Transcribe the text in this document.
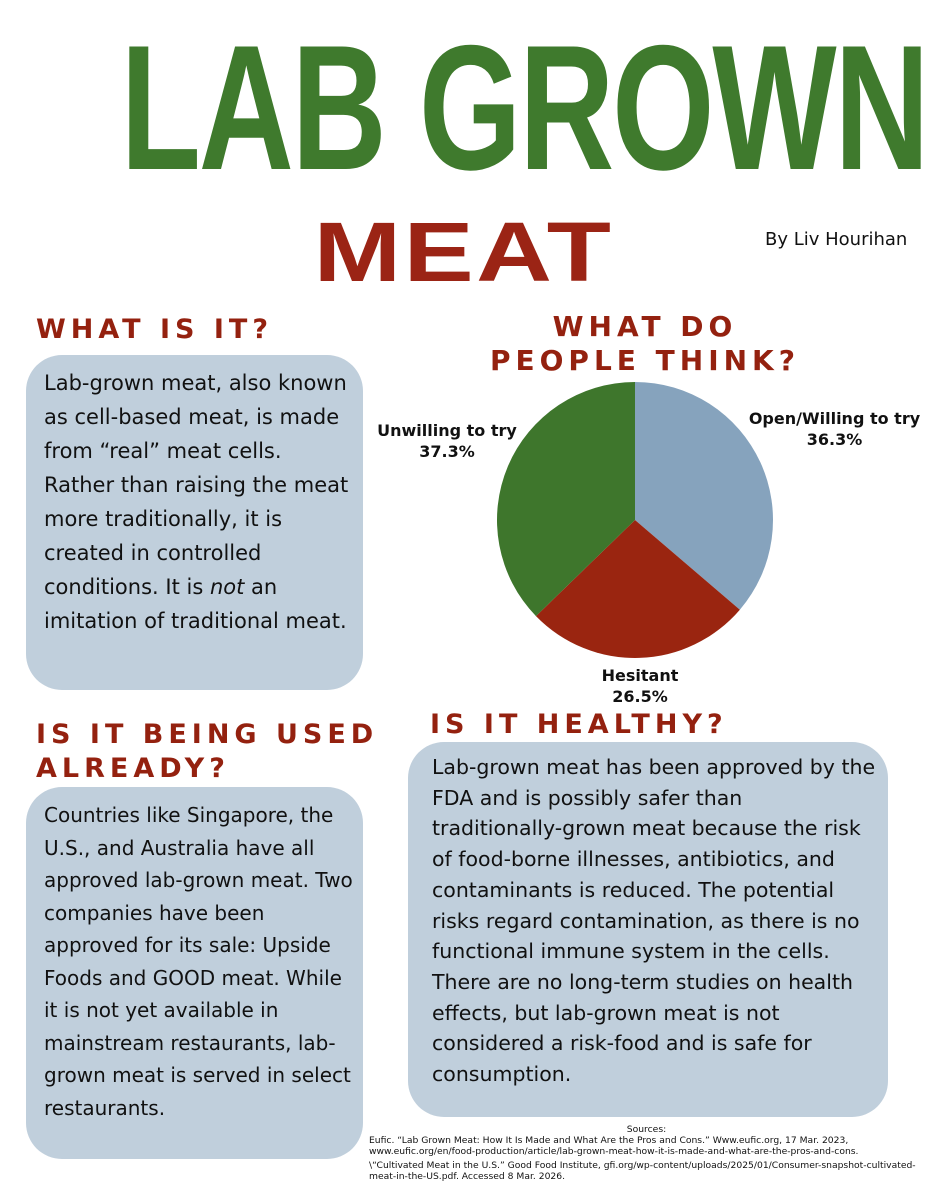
LAB GROWN
MEAT	By Liv Hourihan
WHAT IS IT?

Lab-grown meat, also known as cell-based meat, is made from “real” meat cells. Rather than raising the meat more traditionally, it is created in controlled conditions. It is not an imitation of traditional meat.

WHAT DO
PEOPLE THINK?
Unwilling to try
37.3%
Open/Willing to try
36.3%
Hesitant
26.5%
IS IT BEING USED
ALREADY?

Countries like Singapore, the U.S., and Australia have all approved lab-grown meat. Two companies have been approved for its sale: Upside Foods and GOOD meat. While it is not yet available in mainstream restaurants, lab-grown meat is served in select restaurants.

IS IT HEALTHY?

Lab-grown meat has been approved by the FDA and is possibly safer than traditionally-grown meat because the risk of food-borne illnesses, antibiotics, and contaminants is reduced. The potential risks regard contamination, as there is no functional immune system in the cells. There are no long-term studies on health effects, but lab-grown meat is not considered a risk-food and is safe for consumption.

Sources:

Eufic. “Lab Grown Meat: How It Is Made and What Are the Pros and Cons.” Www.eufic.org, 17 Mar. 2023, www.eufic.org/en/food-production/article/lab-grown-meat-how-it-is-made-and-what-are-the-pros-and-cons.

\“Cultivated Meat in the U.S.” Good Food Institute, gfi.org/wp-content/uploads/2025/01/Consumer-snapshot-cultivated-meat-in-the-US.pdf. Accessed 8 Mar. 2026.
